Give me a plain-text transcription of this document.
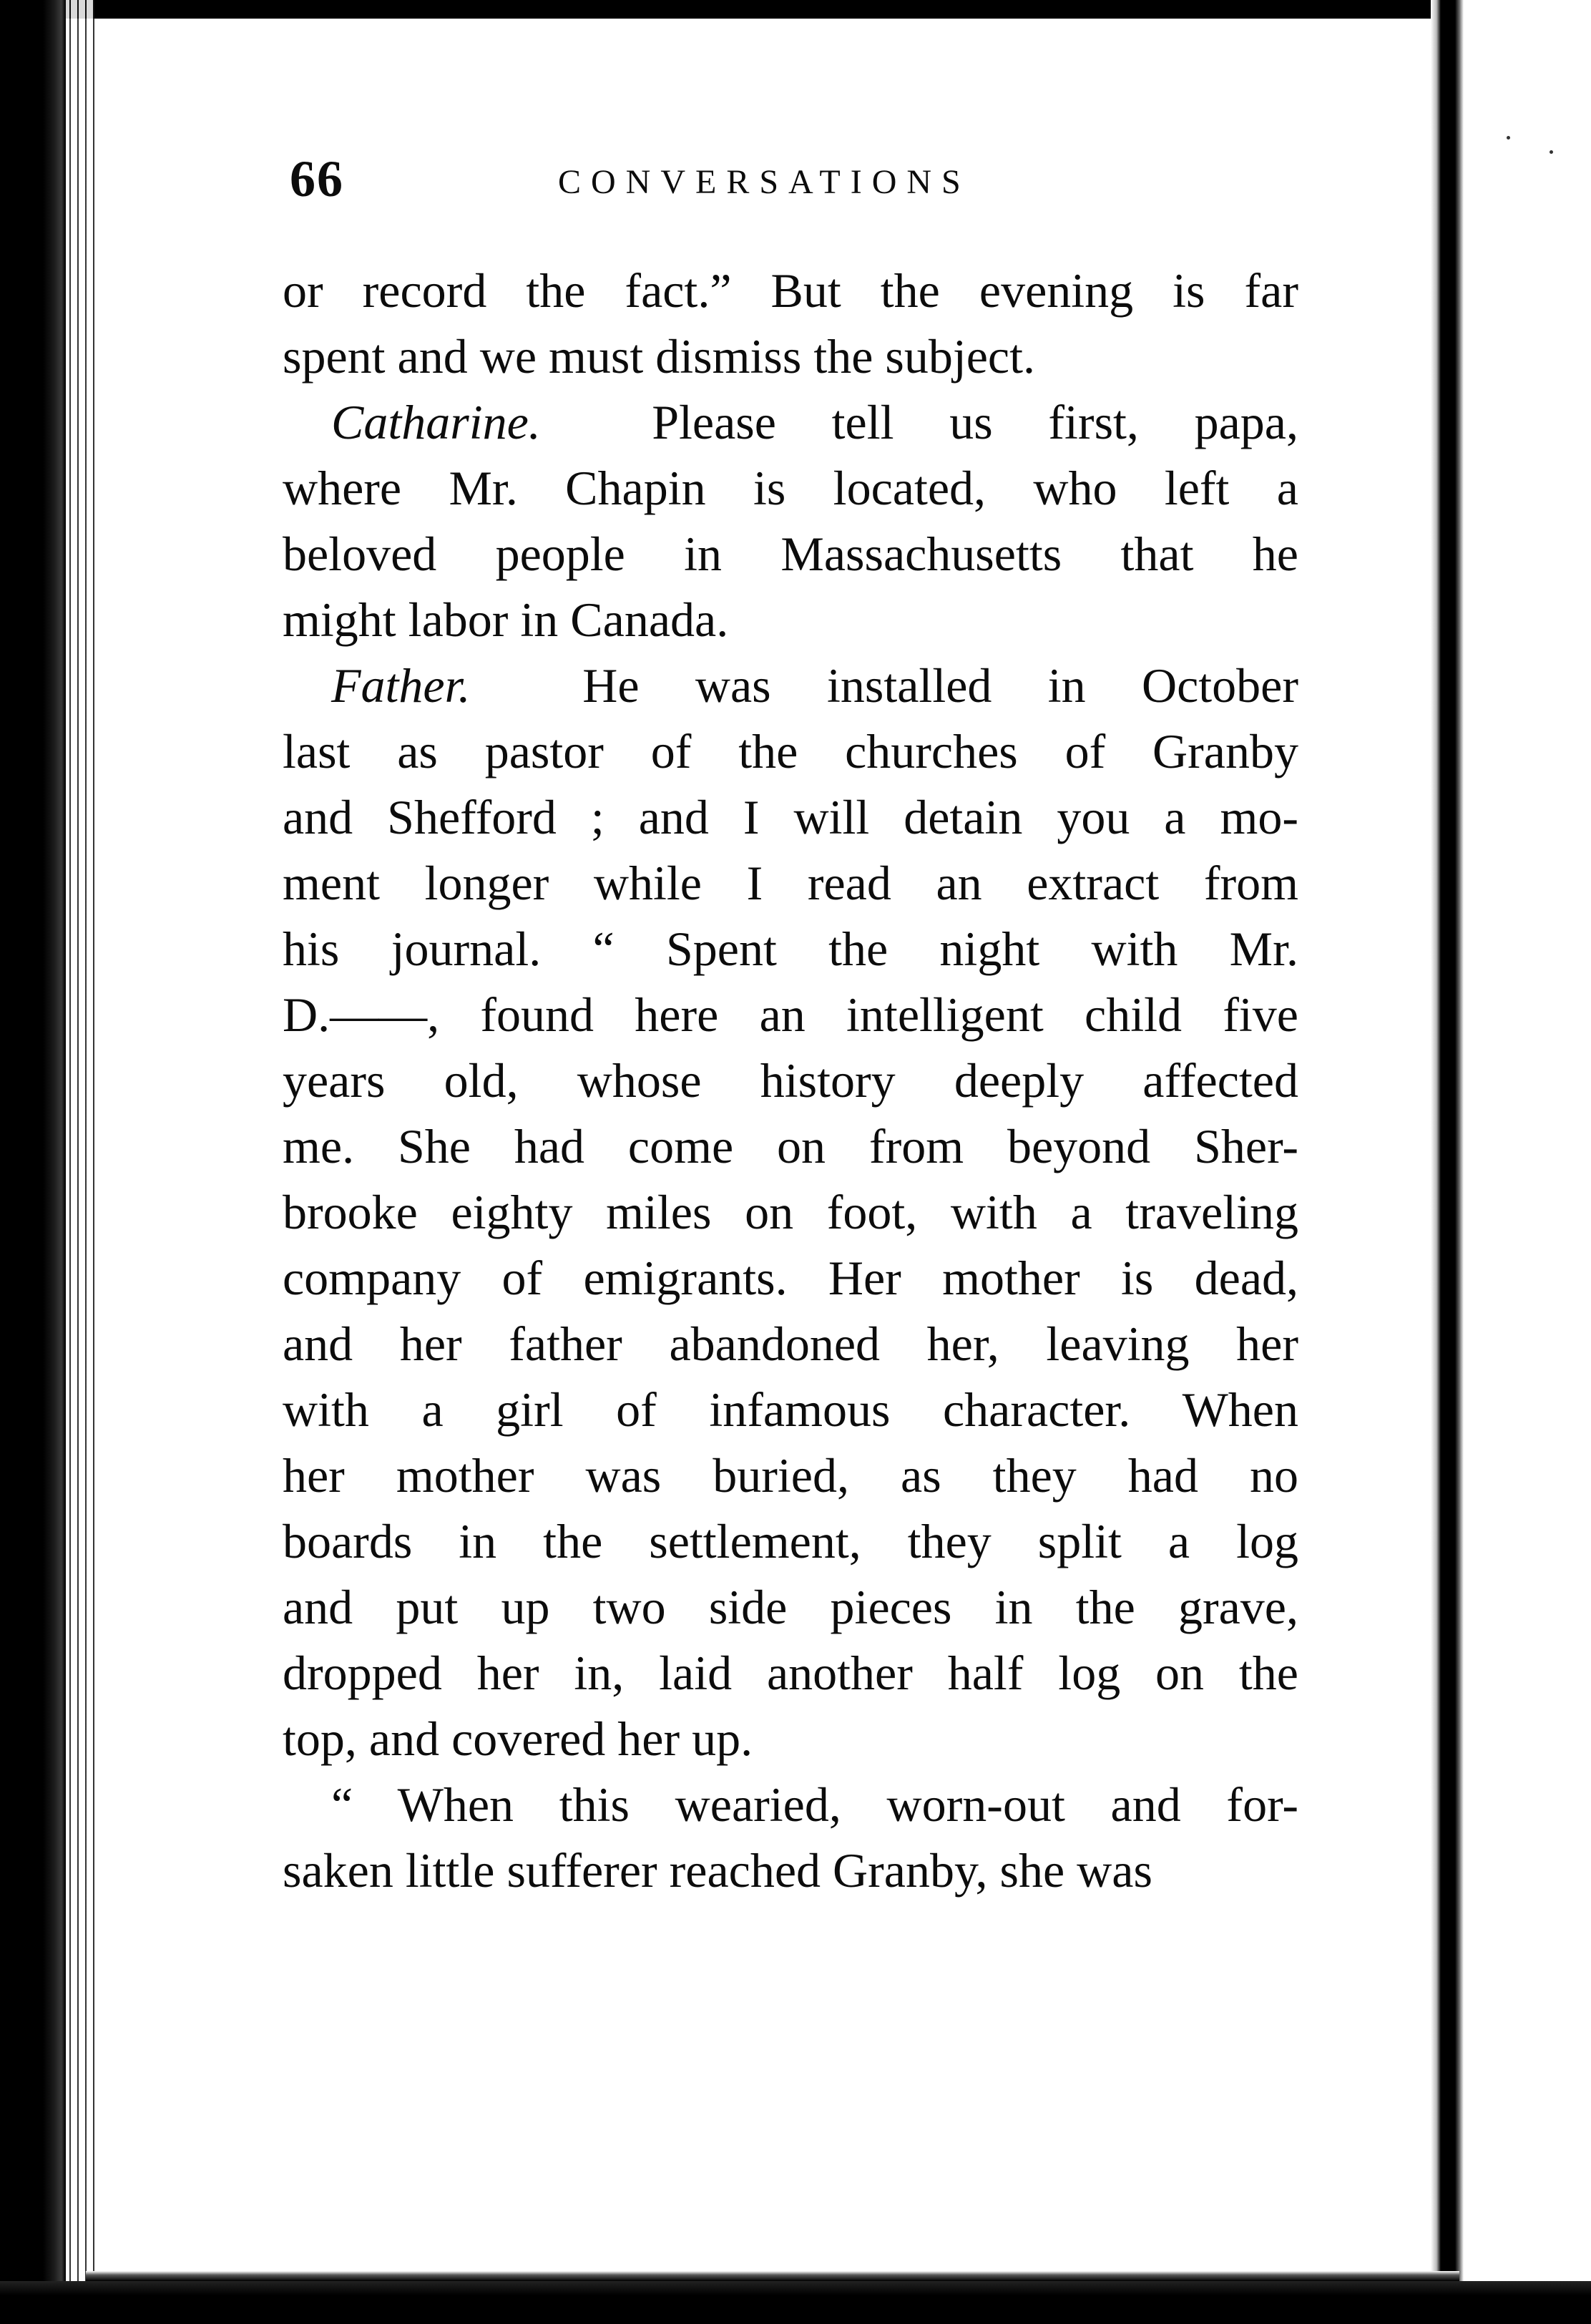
66	CONVERSATIONS
or record the fact.” But the evening is far
spent and we must dismiss the subject.
Catharine. Please tell us first, papa,
where Mr. Chapin is located, who left a
beloved people in Massachusetts that he
might labor in Canada.
Father. He was installed in October
last as pastor of the churches of Granby
and Shefford ; and I will detain you a mo-
ment longer while I read an extract from
his journal. “ Spent the night with Mr.
D.——, found here an intelligent child five
years old, whose history deeply affected
me. She had come on from beyond Sher-
brooke eighty miles on foot, with a traveling
company of emigrants. Her mother is dead,
and her father abandoned her, leaving her
with a girl of infamous character. When
her mother was buried, as they had no
boards in the settlement, they split a log
and put up two side pieces in the grave,
dropped her in, laid another half log on the
top, and covered her up.
“ When this wearied, worn-out and for-
saken little sufferer reached Granby, she was
